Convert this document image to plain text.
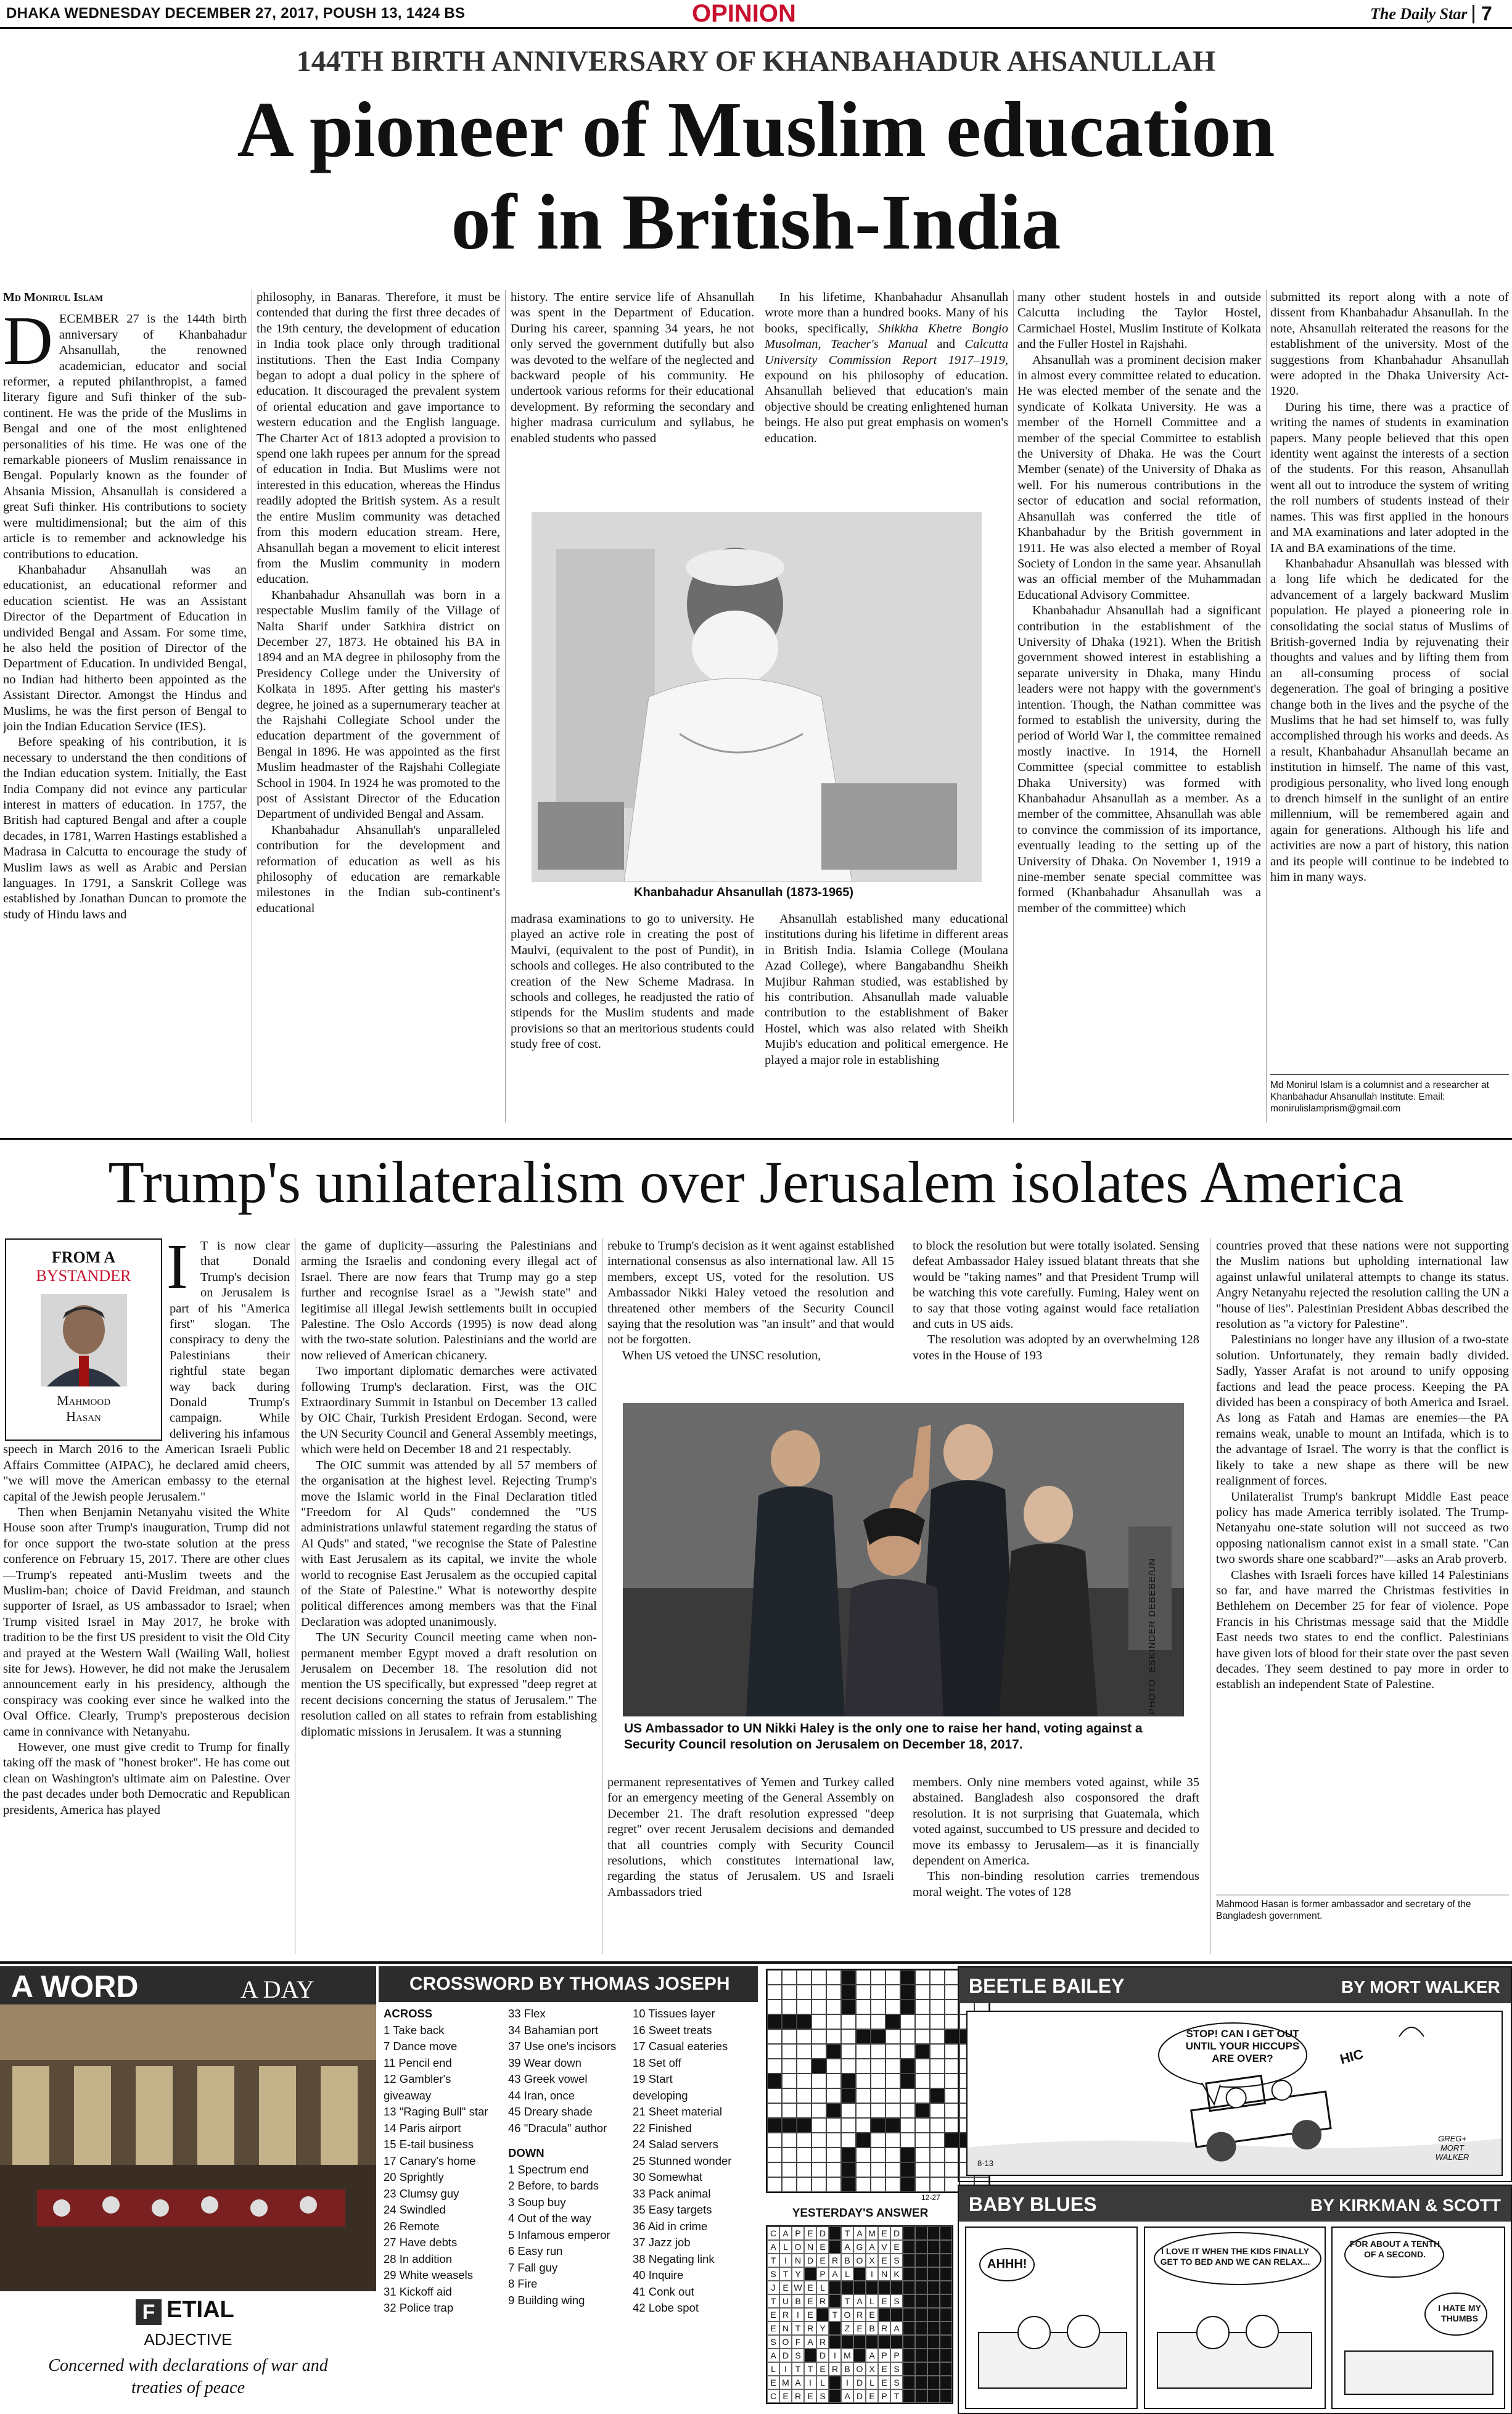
DHAKA WEDNESDAY DECEMBER 27, 2017, POUSH 13, 1424 BS	OPINION	The Daily Star 7
144TH BIRTH ANNIVERSARY OF KHANBAHADUR AHSANULLAH
A pioneer of Muslim education
of in British-India
Md Monirul Islam

DECEMBER 27 is the 144th birth anniversary of Khanbahadur Ahsanullah, the renowned academician, educator and social reformer, a reputed philanthropist, a famed literary figure and Sufi thinker of the sub-continent. He was the pride of the Muslims in Bengal and one of the most enlightened personalities of his time. He was one of the remarkable pioneers of Muslim renaissance in Bengal. Popularly known as the founder of Ahsania Mission, Ahsanullah is considered a great Sufi thinker. His contributions to society were multidimensional; but the aim of this article is to remember and acknowledge his contributions to education.

Khanbahadur Ahsanullah was an educationist, an educational reformer and education scientist. He was an Assistant Director of the Department of Education in undivided Bengal and Assam. For some time, he also held the position of Director of the Department of Education. In undivided Bengal, no Indian had hitherto been appointed as the Assistant Director. Amongst the Hindus and Muslims, he was the first person of Bengal to join the Indian Education Service (IES).

Before speaking of his contribution, it is necessary to understand the then conditions of the Indian education system. Initially, the East India Company did not evince any particular interest in matters of education. In 1757, the British had captured Bengal and after a couple decades, in 1781, Warren Hastings established a Madrasa in Calcutta to encourage the study of Muslim laws as well as Arabic and Persian languages. In 1791, a Sanskrit College was established by Jonathan Duncan to promote the study of Hindu laws and

philosophy, in Banaras. Therefore, it must be contended that during the first three decades of the 19th century, the development of education in India took place only through traditional institutions. Then the East India Company began to adopt a dual policy in the sphere of education. It discouraged the prevalent system of oriental education and gave importance to western education and the English language. The Charter Act of 1813 adopted a provision to spend one lakh rupees per annum for the spread of education in India. But Muslims were not interested in this education, whereas the Hindus readily adopted the British system. As a result the entire Muslim community was detached from this modern education stream. Here, Ahsanullah began a movement to elicit interest from the Muslim community in modern education.

Khanbahadur Ahsanullah was born in a respectable Muslim family of the Village of Nalta Sharif under Satkhira district on December 27, 1873. He obtained his BA in 1894 and an MA degree in philosophy from the Presidency College under the University of Kolkata in 1895. After getting his master's degree, he joined as a supernumerary teacher at the Rajshahi Collegiate School under the education department of the government of Bengal in 1896. He was appointed as the first Muslim headmaster of the Rajshahi Collegiate School in 1904. In 1924 he was promoted to the post of Assistant Director of the Education Department of undivided Bengal and Assam.

Khanbahadur Ahsanullah's unparalleled contribution for the development and reformation of education as well as his philosophy of education are remarkable milestones in the Indian sub-continent's educational

history. The entire service life of Ahsanullah was spent in the Department of Education. During his career, spanning 34 years, he not only served the government dutifully but also was devoted to the welfare of the neglected and backward people of his community. He undertook various reforms for their educational development. By reforming the secondary and higher madrasa curriculum and syllabus, he enabled students who passed

In his lifetime, Khanbahadur Ahsanullah wrote more than a hundred books. Many of his books, specifically, Shikkha Khetre Bongio Musolman, Teacher's Manual and Calcutta University Commission Report 1917–1919, expound on his philosophy of education. Ahsanullah believed that education's main objective should be creating enlightened human beings. He also put great emphasis on women's education.

Khanbahadur Ahsanullah (1873-1965)

madrasa examinations to go to university. He played an active role in creating the post of Maulvi, (equivalent to the post of Pundit), in schools and colleges. He also contributed to the creation of the New Scheme Madrasa. In schools and colleges, he readjusted the ratio of stipends for the Muslim students and made provisions so that an meritorious students could study free of cost.

Ahsanullah established many educational institutions during his lifetime in different areas in British India. Islamia College (Moulana Azad College), where Bangabandhu Sheikh Mujibur Rahman studied, was established by his contribution. Ahsanullah made valuable contribution to the establishment of Baker Hostel, which was also related with Sheikh Mujib's education and political emergence. He played a major role in establishing

many other student hostels in and outside Calcutta including the Taylor Hostel, Carmichael Hostel, Muslim Institute of Kolkata and the Fuller Hostel in Rajshahi.

Ahsanullah was a prominent decision maker in almost every committee related to education. He was elected member of the senate and the syndicate of Kolkata University. He was a member of the Hornell Committee and a member of the special Committee to establish the University of Dhaka. He was the Court Member (senate) of the University of Dhaka as well. For his numerous contributions in the sector of education and social reformation, Ahsanullah was conferred the title of Khanbahadur by the British government in 1911. He was also elected a member of Royal Society of London in the same year. Ahsanullah was an official member of the Muhammadan Educational Advisory Committee.

Khanbahadur Ahsanullah had a significant contribution in the establishment of the University of Dhaka (1921). When the British government showed interest in establishing a separate university in Dhaka, many Hindu leaders were not happy with the government's intention. Though, the Nathan committee was formed to establish the university, during the period of World War I, the committee remained mostly inactive. In 1914, the Hornell Committee (special committee to establish Dhaka University) was formed with Khanbahadur Ahsanullah as a member. As a member of the committee, Ahsanullah was able to convince the commission of its importance, eventually leading to the setting up of the University of Dhaka. On November 1, 1919 a nine-member senate special committee was formed (Khanbahadur Ahsanullah was a member of the committee) which

submitted its report along with a note of dissent from Khanbahadur Ahsanullah. In the note, Ahsanullah reiterated the reasons for the establishment of the university. Most of the suggestions from Khanbahadur Ahsanullah were adopted in the Dhaka University Act-1920.

During his time, there was a practice of writing the names of students in examination papers. Many people believed that this open identity went against the interests of a section of the students. For this reason, Ahsanullah went all out to introduce the system of writing the roll numbers of students instead of their names. This was first applied in the honours and MA examinations and later adopted in the IA and BA examinations of the time.

Khanbahadur Ahsanullah was blessed with a long life which he dedicated for the advancement of a largely backward Muslim population. He played a pioneering role in consolidating the social status of Muslims of British-governed India by rejuvenating their thoughts and values and by lifting them from an all-consuming process of social degeneration. The goal of bringing a positive change both in the lives and the psyche of the Muslims that he had set himself to, was fully accomplished through his works and deeds. As a result, Khanbahadur Ahsanullah became an institution in himself. The name of this vast, prodigious personality, who lived long enough to drench himself in the sunlight of an entire millennium, will be remembered again and again for generations. Although his life and activities are now a part of history, this nation and its people will continue to be indebted to him in many ways.

Md Monirul Islam is a columnist and a researcher at Khanbahadur Ahsanullah Institute. Email: monirulislamprism@gmail.com
Trump's unilateralism over Jerusalem isolates America
FROM A
BYSTANDER
Mahmood
Hasan

I T is now clear that Donald Trump's decision on Jerusalem is part of his "America first" slogan. The conspiracy to deny the Palestinians their rightful state began way back during Donald Trump's campaign. While delivering his infamous speech in March 2016 to the American Israeli Public Affairs Committee (AIPAC), he declared amid cheers, "we will move the American embassy to the eternal capital of the Jewish people Jerusalem."

Then when Benjamin Netanyahu visited the White House soon after Trump's inauguration, Trump did not for once support the two-state solution at the press conference on February 15, 2017. There are other clues—Trump's repeated anti-Muslim tweets and the Muslim-ban; choice of David Freidman, and staunch supporter of Israel, as US ambassador to Israel; when Trump visited Israel in May 2017, he broke with tradition to be the first US president to visit the Old City and prayed at the Western Wall (Wailing Wall, holiest site for Jews). However, he did not make the Jerusalem announcement early in his presidency, although the conspiracy was cooking ever since he walked into the Oval Office. Clearly, Trump's preposterous decision came in connivance with Netanyahu.

However, one must give credit to Trump for finally taking off the mask of "honest broker". He has come out clean on Washington's ultimate aim on Palestine. Over the past decades under both Democratic and Republican presidents, America has played

the game of duplicity—assuring the Palestinians and arming the Israelis and condoning every illegal act of Israel. There are now fears that Trump may go a step further and recognise Israel as a "Jewish state" and legitimise all illegal Jewish settlements built in occupied Palestine. The Oslo Accords (1995) is now dead along with the two-state solution. Palestinians and the world are now relieved of American chicanery.

Two important diplomatic demarches were activated following Trump's declaration. First, was the OIC Extraordinary Summit in Istanbul on December 13 called by OIC Chair, Turkish President Erdogan. Second, were the UN Security Council and General Assembly meetings, which were held on December 18 and 21 respectably.

The OIC summit was attended by all 57 members of the organisation at the highest level. Rejecting Trump's move the Islamic world in the Final Declaration titled "Freedom for Al Quds" condemned the "US administrations unlawful statement regarding the status of Al Quds" and stated, "we recognise the State of Palestine with East Jerusalem as its capital, we invite the whole world to recognise East Jerusalem as the occupied capital of the State of Palestine." What is noteworthy despite political differences among members was that the Final Declaration was adopted unanimously.

The UN Security Council meeting came when non-permanent member Egypt moved a draft resolution on Jerusalem on December 18. The resolution did not mention the US specifically, but expressed "deep regret at recent decisions concerning the status of Jerusalem." The resolution called on all states to refrain from establishing diplomatic missions in Jerusalem. It was a stunning

rebuke to Trump's decision as it went against established international consensus as also international law. All 15 members, except US, voted for the resolution. US Ambassador Nikki Haley vetoed the resolution and threatened other members of the Security Council saying that the resolution was "an insult" and that would not be forgotten.

When US vetoed the UNSC resolution,

to block the resolution but were totally isolated. Sensing defeat Ambassador Haley issued blatant threats that she would be "taking names" and that President Trump will be watching this vote carefully. Fuming, Haley went on to say that those voting against would face retaliation and cuts in US aids.

The resolution was adopted by an overwhelming 128 votes in the House of 193

PHOTO: ESKINDER DEBEBE/UN
US Ambassador to UN Nikki Haley is the only one to raise her hand, voting against a Security Council resolution on Jerusalem on December 18, 2017.

permanent representatives of Yemen and Turkey called for an emergency meeting of the General Assembly on December 21. The draft resolution expressed "deep regret" over recent Jerusalem decisions and demanded that all countries comply with Security Council resolutions, which constitutes international law, regarding the status of Jerusalem. US and Israeli Ambassadors tried

members. Only nine members voted against, while 35 abstained. Bangladesh also cosponsored the draft resolution. It is not surprising that Guatemala, which voted against, succumbed to US pressure and decided to move its embassy to Jerusalem—as it is financially dependent on America.

This non-binding resolution carries tremendous moral weight. The votes of 128

countries proved that these nations were not supporting the Muslim nations but upholding international law against unlawful unilateral attempts to change its status. Angry Netanyahu rejected the resolution calling the UN a "house of lies". Palestinian President Abbas described the resolution as "a victory for Palestine".

Palestinians no longer have any illusion of a two-state solution. Unfortunately, they remain badly divided. Sadly, Yasser Arafat is not around to unify opposing factions and lead the peace process. Keeping the PA divided has been a conspiracy of both America and Israel. As long as Fatah and Hamas are enemies—the PA remains weak, unable to mount an Intifada, which is to the advantage of Israel. The worry is that the conflict is likely to take a new shape as there will be new realignment of forces.

Unilateralist Trump's bankrupt Middle East peace policy has made America terribly isolated. The Trump-Netanyahu one-state solution will not succeed as two opposing nationalism cannot exist in a small state. "Can two swords share one scabbard?"—asks an Arab proverb.

Clashes with Israeli forces have killed 14 Palestinians so far, and have marred the Christmas festivities in Bethlehem on December 25 for fear of violence. Pope Francis in his Christmas message said that the Middle East needs two states to end the conflict. Palestinians have given lots of blood for their state over the past seven decades. They seem destined to pay more in order to establish an independent State of Palestine.

Mahmood Hasan is former ambassador and secretary of the Bangladesh government.
A WORD	A DAY
F ETIAL
ADJECTIVE
Concerned with declarations of war and treaties of peace
CROSSWORD BY THOMAS JOSEPH
ACROSS
1 Take back
7 Dance move
11 Pencil end
12 Gambler's
giveaway
13 "Raging Bull" star
14 Paris airport
15 E-tail business
17 Canary's home
20 Sprightly
23 Clumsy guy
24 Swindled
26 Remote
27 Have debts
28 In addition
29 White weasels
31 Kickoff aid
32 Police trap
33 Flex
34 Bahamian port
37 Use one's incisors
39 Wear down
43 Greek vowel
44 Iran, once
45 Dreary shade
46 "Dracula" author
DOWN
1 Spectrum end
2 Before, to bards
3 Soup buy
4 Out of the way
5 Infamous emperor
6 Easy run
7 Fall guy
8 Fire
9 Building wing
10 Tissues layer
16 Sweet treats
17 Casual eateries
18 Set off
19 Start
developing
21 Sheet material
22 Finished
24 Salad servers
25 Stunned wonder
30 Somewhat
33 Pack animal
35 Easy targets
36 Aid in crime
37 Jazz job
38 Negating link
40 Inquire
41 Conk out
42 Lobe spot
12-27
YESTERDAY'S ANSWER
C A P E D	T A M E D
A L O N E	A G A V E
T I N D E R B O X E S
S T Y	P A L	I N K
J E W E L
T U B E R	T A L E S
E R I E	T O R E
E N T R Y	Z E B R A
S O F A R
A D S	D I M	A P P
L	I T T E R B O X E S
E M A I	L	I D L E S
C E R E S	A D E P T
BEETLE BAILEY	BY MORT WALKER
STOP! CAN I GET OUT UNTIL YOUR HICCUPS ARE OVER?	HIC
8-13
GREG+ MORT WALKER
BABY BLUES	BY KIRKMAN & SCOTT
AHHH!
I LOVE IT WHEN THE KIDS FINALLY GET TO BED AND WE CAN RELAX...
FOR ABOUT A TENTH OF A SECOND.
I HATE MY THUMBS
